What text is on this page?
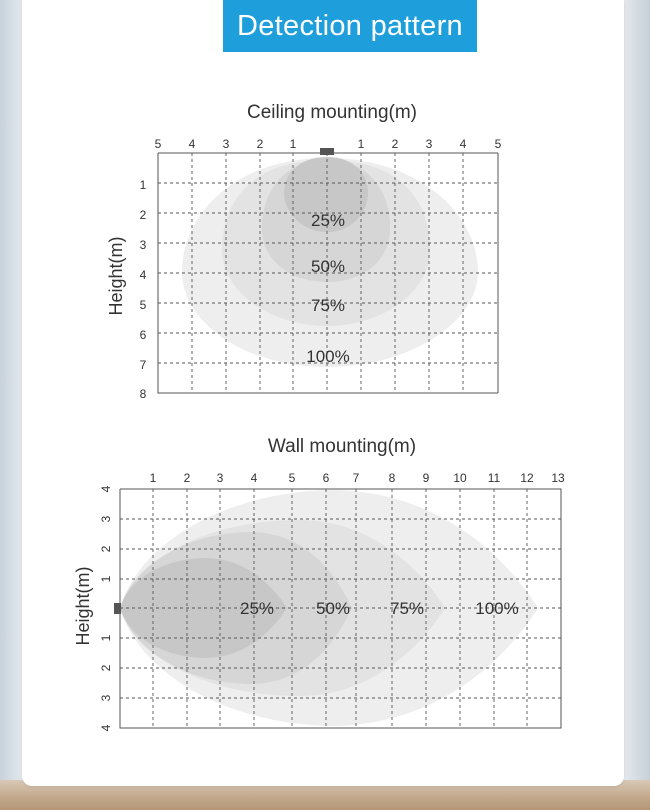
Detection pattern
Ceiling mounting(m)
5 4 3 2 1	1 2 3 4 5
1
2
3
4
5
6
7
8
Height(m)
25%
50%
75%
100%
Wall mounting(m)
1 2 3 4	5 6 7 8 9 10 11 12 13
4
3
2
1
1
2
3
4
Height(m)	25% 50% 75%	100%
